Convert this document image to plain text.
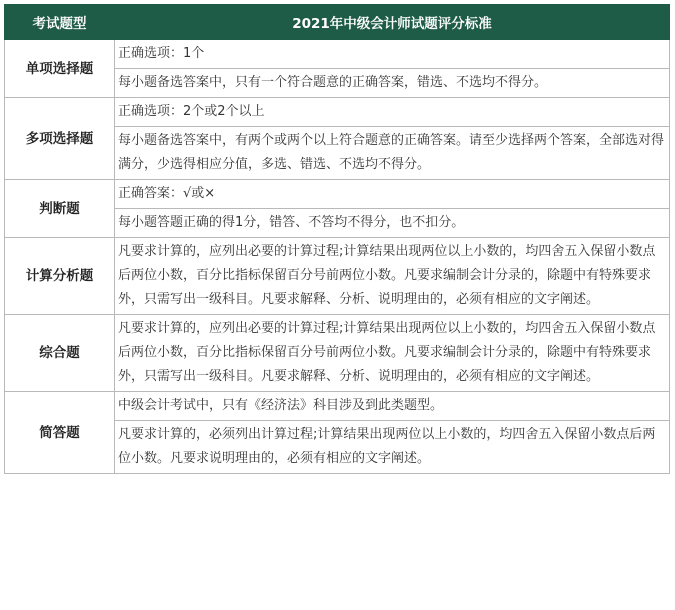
考试题型	2021年中级会计师试题评分标准
单项选择题	正确选项：1个
	每小题备选答案中，只有一个符合题意的正确答案，错选、不选均不得分。
多项选择题	正确选项：2个或2个以上
	每小题备选答案中，有两个或两个以上符合题意的正确答案。请至少选择两个答案，全部选对得满分，少选得相应分值，多选、错选、不选均不得分。
判断题	正确答案：√或×
	每小题答题正确的得1分，错答、不答均不得分，也不扣分。
计算分析题	凡要求计算的，应列出必要的计算过程;计算结果出现两位以上小数的，均四舍五入保留小数点后两位小数，百分比指标保留百分号前两位小数。凡要求编制会计分录的，除题中有特殊要求外，只需写出一级科目。凡要求解释、分析、说明理由的，必须有相应的文字阐述。
综合题	凡要求计算的，应列出必要的计算过程;计算结果出现两位以上小数的，均四舍五入保留小数点后两位小数，百分比指标保留百分号前两位小数。凡要求编制会计分录的，除题中有特殊要求外，只需写出一级科目。凡要求解释、分析、说明理由的，必须有相应的文字阐述。
简答题	中级会计考试中，只有《经济法》科目涉及到此类题型。
	凡要求计算的，必须列出计算过程;计算结果出现两位以上小数的，均四舍五入保留小数点后两位小数。凡要求说明理由的，必须有相应的文字阐述。
